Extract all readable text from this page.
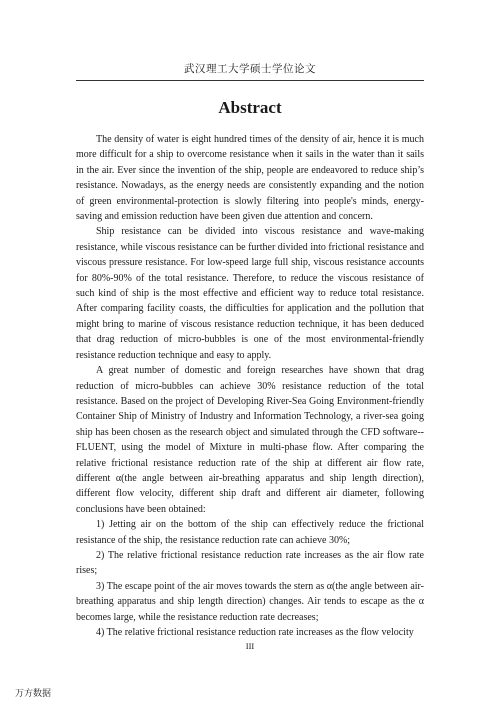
武汉理工大学硕士学位论文
Abstract

The density of water is eight hundred times of the density of air, hence it is much more difficult for a ship to overcome resistance when it sails in the water than it sails in the air. Ever since the invention of the ship, people are endeavored to reduce ship’s resistance. Nowadays, as the energy needs are consistently expanding and the notion of green environmental-protection is slowly filtering into people's minds, energy-saving and emission reduction have been given due attention and concern.

Ship resistance can be divided into viscous resistance and wave-making resistance, while viscous resistance can be further divided into frictional resistance and viscous pressure resistance. For low-speed large full ship, viscous resistance accounts for 80%-90% of the total resistance. Therefore, to reduce the viscous resistance of such kind of ship is the most effective and efficient way to reduce total resistance. After comparing facility coasts, the difficulties for application and the pollution that might bring to marine of viscous resistance reduction technique, it has been deduced that drag reduction of micro-bubbles is one of the most environmental-friendly resistance reduction technique and easy to apply.

A great number of domestic and foreign researches have shown that drag reduction of micro-bubbles can achieve 30% resistance reduction of the total resistance. Based on the project of Developing River-Sea Going Environment-friendly Container Ship of Ministry of Industry and Information Technology, a river-sea going ship has been chosen as the research object and simulated through the CFD software--FLUENT, using the model of Mixture in multi-phase flow. After comparing the relative frictional resistance reduction rate of the ship at different air flow rate, different α(the angle between air-breathing apparatus and ship length direction), different flow velocity, different ship draft and different air diameter, following conclusions have been obtained:

1) Jetting air on the bottom of the ship can effectively reduce the frictional resistance of the ship, the resistance reduction rate can achieve 30%;

2) The relative frictional resistance reduction rate increases as the air flow rate rises;

3) The escape point of the air moves towards the stern as α(the angle between air-breathing apparatus and ship length direction) changes. Air tends to escape as the α becomes large, while the resistance reduction rate decreases;

4) The relative frictional resistance reduction rate increases as the flow velocity

III
万方数据
